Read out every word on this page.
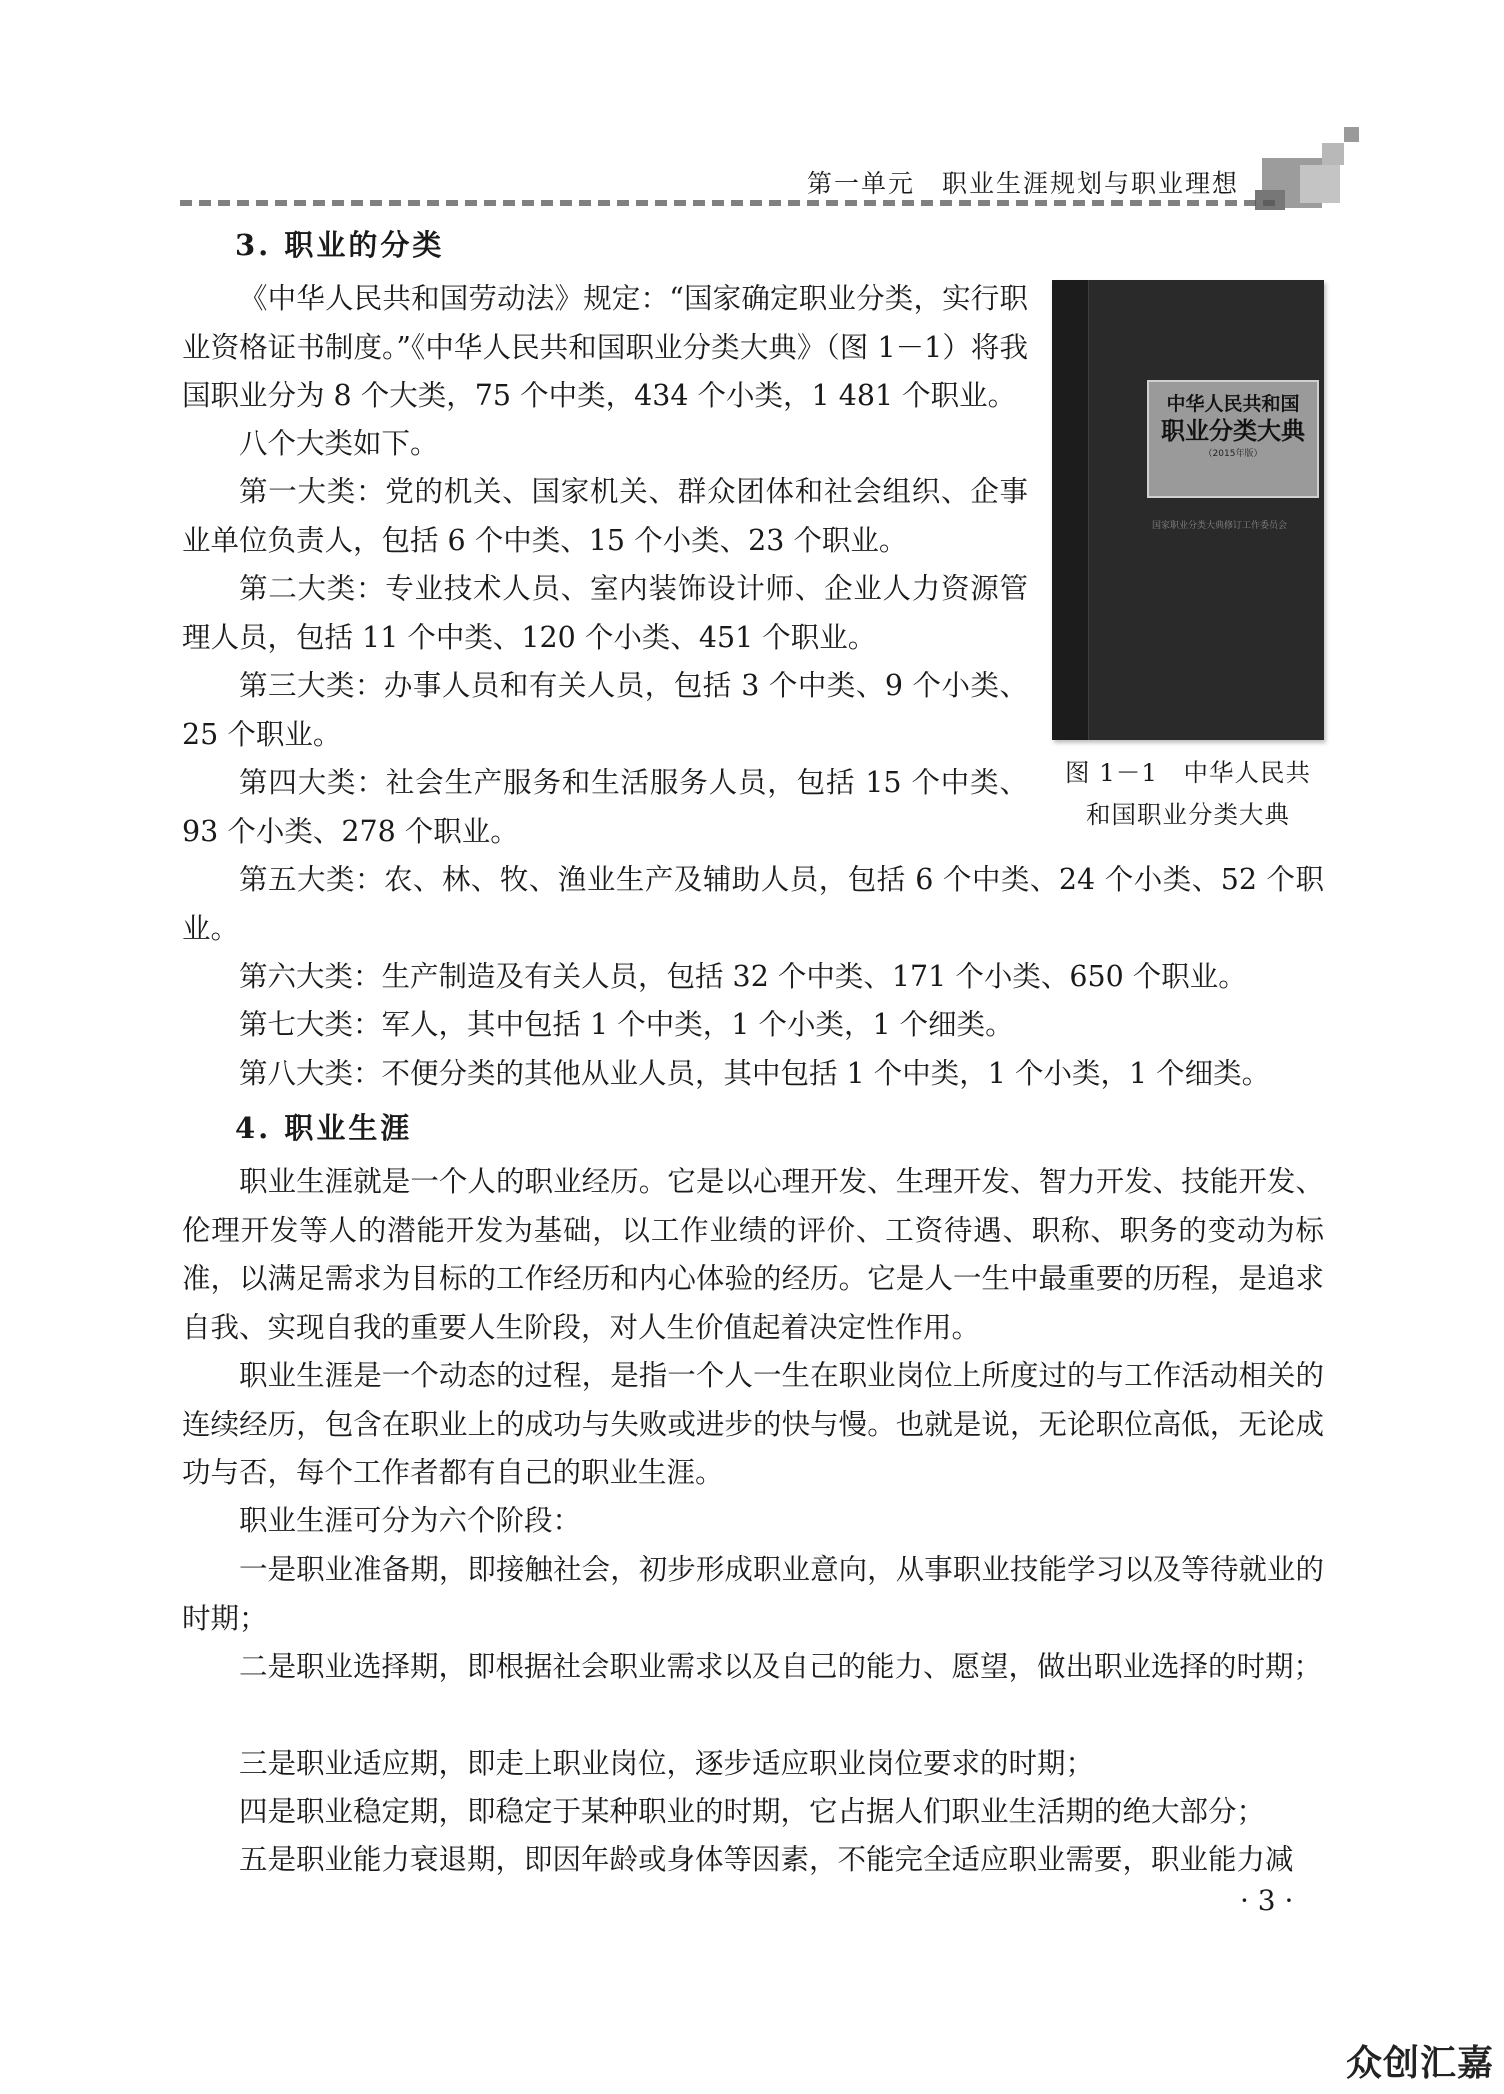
第一单元　职业生涯规划与职业理想
3. 职业的分类

《中华人民共和国劳动法》规定：“国家确定职业分类，实行职业资格证书制度。”《中华人民共和国职业分类大典》（图 1－1）将我国职业分为 8 个大类，75 个中类，434 个小类，1 481 个职业。

八个大类如下。

第一大类：党的机关、国家机关、群众团体和社会组织、企事业单位负责人，包括 6 个中类、15 个小类、23 个职业。

第二大类：专业技术人员、室内装饰设计师、企业人力资源管理人员，包括 11 个中类、120 个小类、451 个职业。

第三大类：办事人员和有关人员，包括 3 个中类、9 个小类、25 个职业。

第四大类：社会生产服务和生活服务人员，包括 15 个中类、93 个小类、278 个职业。

第五大类：农、林、牧、渔业生产及辅助人员，包括 6 个中类、24 个小类、52 个职业。

第六大类：生产制造及有关人员，包括 32 个中类、171 个小类、650 个职业。

第七大类：军人，其中包括 1 个中类，1 个小类，1 个细类。

第八大类：不便分类的其他从业人员，其中包括 1 个中类，1 个小类，1 个细类。

中华人民共和国
职业分类大典
（2015年版）
国家职业分类大典修订工作委员会
图 1－1　中华人民共
和国职业分类大典
4. 职业生涯

职业生涯就是一个人的职业经历。它是以心理开发、生理开发、智力开发、技能开发、伦理开发等人的潜能开发为基础，以工作业绩的评价、工资待遇、职称、职务的变动为标准，以满足需求为目标的工作经历和内心体验的经历。它是人一生中最重要的历程，是追求自我、实现自我的重要人生阶段，对人生价值起着决定性作用。

职业生涯是一个动态的过程，是指一个人一生在职业岗位上所度过的与工作活动相关的连续经历，包含在职业上的成功与失败或进步的快与慢。也就是说，无论职位高低，无论成功与否，每个工作者都有自己的职业生涯。

职业生涯可分为六个阶段：

一是职业准备期，即接触社会，初步形成职业意向，从事职业技能学习以及等待就业的时期；

二是职业选择期，即根据社会职业需求以及自己的能力、愿望，做出职业选择的时期；

三是职业适应期，即走上职业岗位，逐步适应职业岗位要求的时期；

四是职业稳定期，即稳定于某种职业的时期，它占据人们职业生活期的绝大部分；

五是职业能力衰退期，即因年龄或身体等因素，不能完全适应职业需要，职业能力减

· 3 ·
众创汇嘉
